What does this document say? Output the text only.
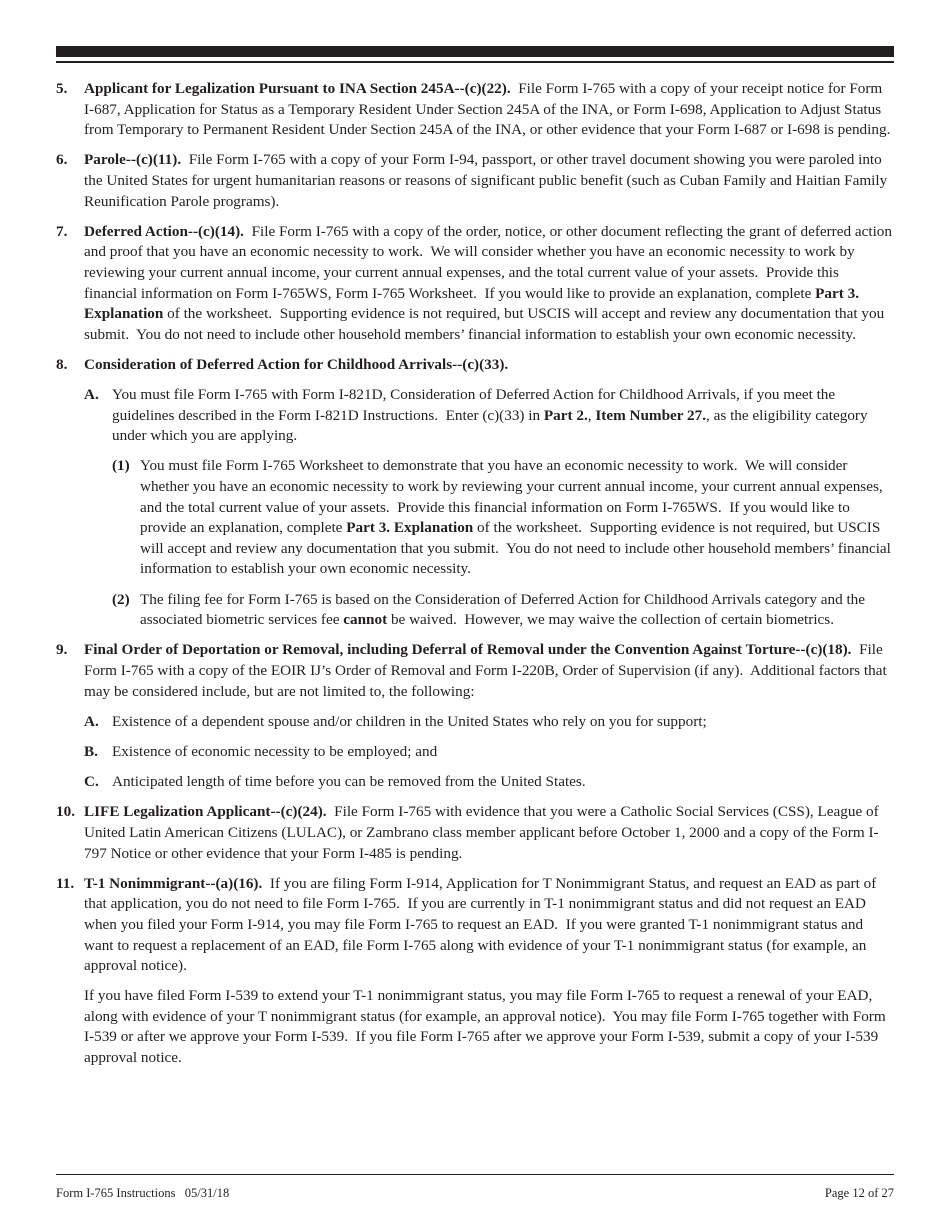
5. Applicant for Legalization Pursuant to INA Section 245A--(c)(22).  File Form I-765 with a copy of your receipt notice for Form I-687, Application for Status as a Temporary Resident Under Section 245A of the INA, or Form I-698, Application to Adjust Status from Temporary to Permanent Resident Under Section 245A of the INA, or other evidence that your Form I-687 or I-698 is pending.
6. Parole--(c)(11).  File Form I-765 with a copy of your Form I-94, passport, or other travel document showing you were paroled into the United States for urgent humanitarian reasons or reasons of significant public benefit (such as Cuban Family and Haitian Family Reunification Parole programs).
7. Deferred Action--(c)(14).  File Form I-765 with a copy of the order, notice, or other document reflecting the grant of deferred action and proof that you have an economic necessity to work.  We will consider whether you have an economic necessity to work by reviewing your current annual income, your current annual expenses, and the total current value of your assets.  Provide this financial information on Form I-765WS, Form I-765 Worksheet.  If you would like to provide an explanation, complete Part 3. Explanation of the worksheet.  Supporting evidence is not required, but USCIS will accept and review any documentation that you submit.  You do not need to include other household members’ financial information to establish your own economic necessity.
8. Consideration of Deferred Action for Childhood Arrivals--(c)(33).
A. You must file Form I-765 with Form I-821D, Consideration of Deferred Action for Childhood Arrivals, if you meet the guidelines described in the Form I-821D Instructions.  Enter (c)(33) in Part 2., Item Number 27., as the eligibility category under which you are applying.
(1) You must file Form I-765 Worksheet to demonstrate that you have an economic necessity to work.  We will consider whether you have an economic necessity to work by reviewing your current annual income, your current annual expenses, and the total current value of your assets.  Provide this financial information on Form I-765WS.  If you would like to provide an explanation, complete Part 3. Explanation of the worksheet.  Supporting evidence is not required, but USCIS will accept and review any documentation that you submit.  You do not need to include other household members’ financial information to establish your own economic necessity.
(2) The filing fee for Form I-765 is based on the Consideration of Deferred Action for Childhood Arrivals category and the associated biometric services fee cannot be waived.  However, we may waive the collection of certain biometrics.
9. Final Order of Deportation or Removal, including Deferral of Removal under the Convention Against Torture--(c)(18).  File Form I-765 with a copy of the EOIR IJ’s Order of Removal and Form I-220B, Order of Supervision (if any).  Additional factors that may be considered include, but are not limited to, the following:
A. Existence of a dependent spouse and/or children in the United States who rely on you for support;
B. Existence of economic necessity to be employed; and
C. Anticipated length of time before you can be removed from the United States.
10. LIFE Legalization Applicant--(c)(24).  File Form I-765 with evidence that you were a Catholic Social Services (CSS), League of United Latin American Citizens (LULAC), or Zambrano class member applicant before October 1, 2000 and a copy of the Form I-797 Notice or other evidence that your Form I-485 is pending.
11. T-1 Nonimmigrant--(a)(16).  If you are filing Form I-914, Application for T Nonimmigrant Status, and request an EAD as part of that application, you do not need to file Form I-765.  If you are currently in T-1 nonimmigrant status and did not request an EAD when you filed your Form I-914, you may file Form I-765 to request an EAD.  If you were granted T-1 nonimmigrant status and want to request a replacement of an EAD, file Form I-765 along with evidence of your T-1 nonimmigrant status (for example, an approval notice).
If you have filed Form I-539 to extend your T-1 nonimmigrant status, you may file Form I-765 to request a renewal of your EAD, along with evidence of your T nonimmigrant status (for example, an approval notice).  You may file Form I-765 together with Form I-539 or after we approve your Form I-539.  If you file Form I-765 after we approve your Form I-539, submit a copy of your I-539 approval notice.
Form I-765 Instructions   05/31/18	Page 12 of 27
